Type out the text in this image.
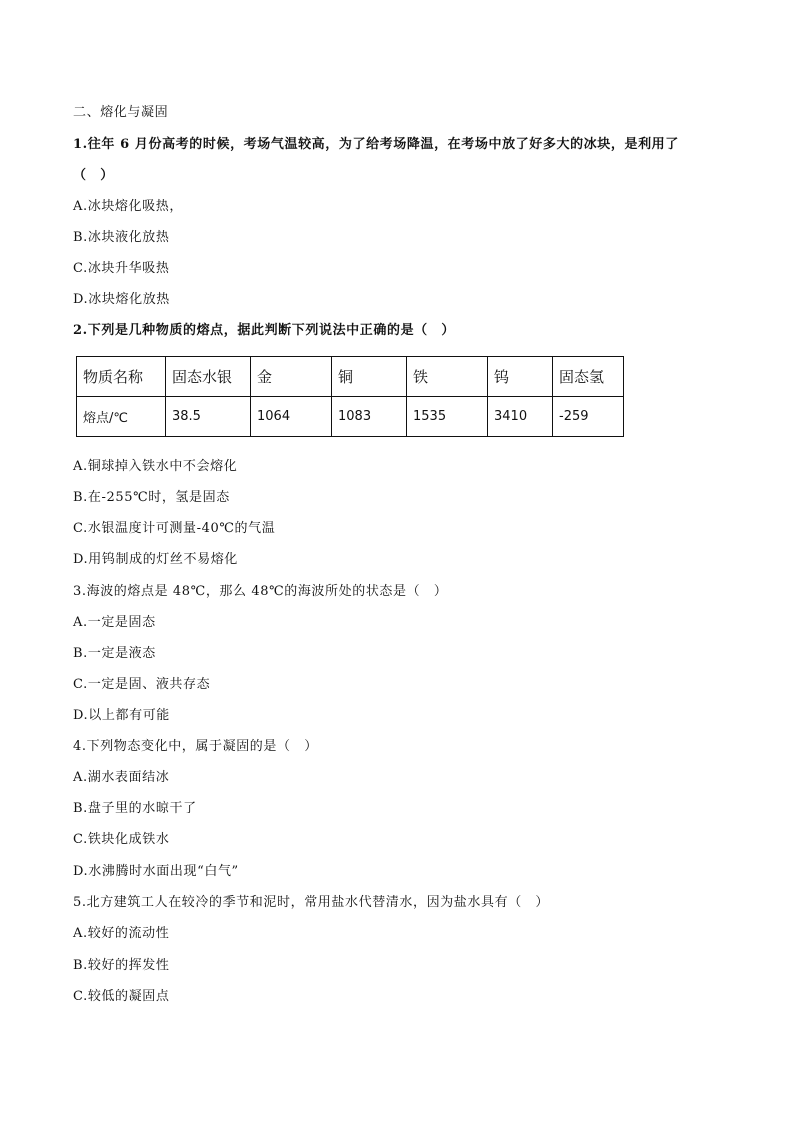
二、熔化与凝固
1.往年 6 月份高考的时候，考场气温较高，为了给考场降温，在考场中放了好多大的冰块，是利用了
（　）
A.冰块熔化吸热，
B.冰块液化放热
C.冰块升华吸热
D.冰块熔化放热
2.下列是几种物质的熔点，据此判断下列说法中正确的是（　）
物质名称	固态水银	金	铜	铁	钨	固态氢
熔点/℃	38.5	1064	1083	1535	3410	-259
A.铜球掉入铁水中不会熔化
B.在-255℃时，氢是固态
C.水银温度计可测量-40℃的气温
D.用钨制成的灯丝不易熔化
3.海波的熔点是 48℃，那么 48℃的海波所处的状态是（　）
A.一定是固态
B.一定是液态
C.一定是固、液共存态
D.以上都有可能
4.下列物态变化中，属于凝固的是（　）
A.湖水表面结冰
B.盘子里的水晾干了
C.铁块化成铁水
D.水沸腾时水面出现“白气”
5.北方建筑工人在较冷的季节和泥时，常用盐水代替清水，因为盐水具有（　）
A.较好的流动性
B.较好的挥发性
C.较低的凝固点
